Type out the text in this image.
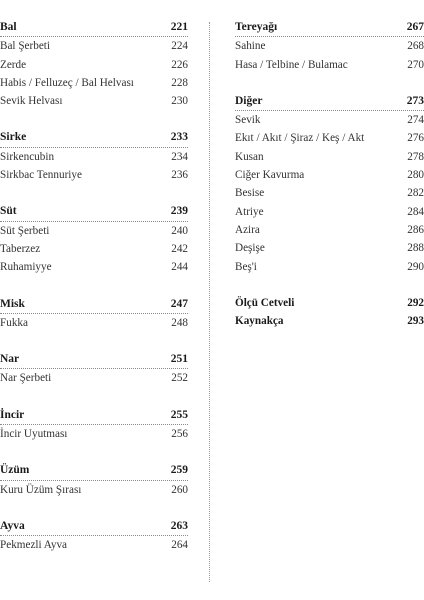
Bal	221
Bal Şerbeti	224
Zerde	226
Habis / Felluzeç / Bal Helvası	228
Sevik Helvası	230
Sirke	233
Sirkencubin	234
Sirkbac Tennuriye	236
Süt	239
Süt Şerbeti	240
Taberzez	242
Ruhamiyye	244
Misk	247
Fukka	248
Nar	251
Nar Şerbeti	252
İncir	255
İncir Uyutması	256
Üzüm	259
Kuru Üzüm Şırası	260
Ayva	263
Pekmezli Ayva	264
Tereyağı	267
Sahine	268
Hasa / Telbine / Bulamac	270
Diğer	273
Sevik	274
Ekıt / Akıt / Şiraz / Keş / Akt	276
Kusan	278
Ciğer Kavurma	280
Besise	282
Atriye	284
Azira	286
Deşişe	288
Beş'i	290
Ölçü Cetveli	292
Kaynakça	293
